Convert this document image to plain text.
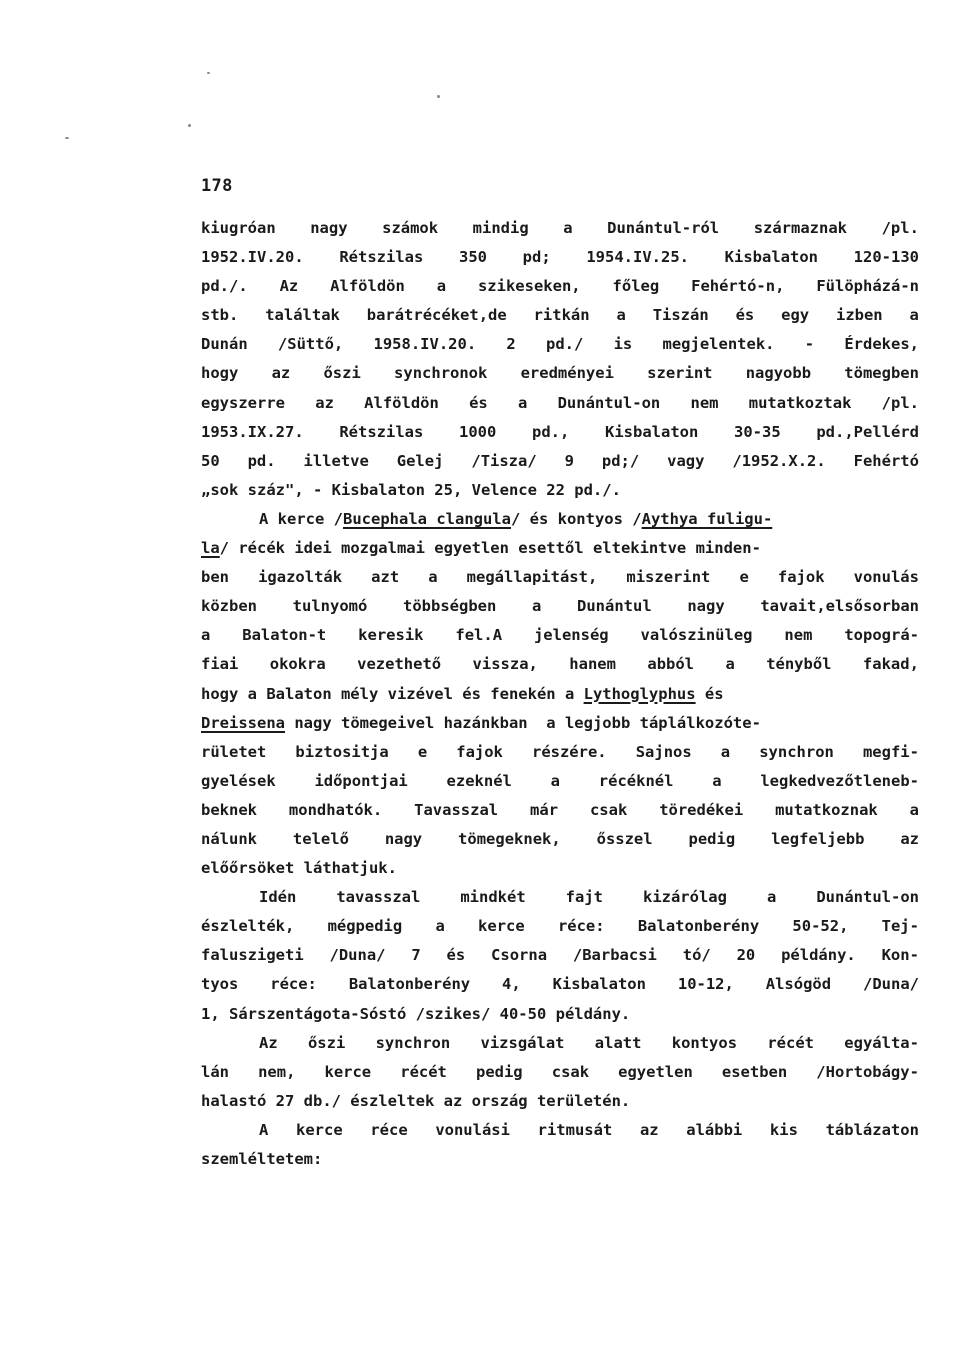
178
kiugróan nagy számok mindig a Dunántul-ról származnak /pl.
1952.IV.20. Rétszilas 350 pd; 1954.IV.25. Kisbalaton 120-130
pd./. Az Alföldön a szikeseken, főleg Fehértó-n, Fülöpházá-n
stb. találtak barátrécéket,de ritkán a Tiszán és egy izben a
Dunán /Süttő, 1958.IV.20. 2 pd./ is megjelentek. - Érdekes,
hogy az őszi synchronok eredményei szerint nagyobb tömegben
egyszerre az Alföldön és a Dunántul-on nem mutatkoztak /pl.
1953.IX.27. Rétszilas 1000 pd., Kisbalaton 30-35 pd.,Pellérd
50 pd. illetve Gelej /Tisza/ 9 pd;/ vagy /1952.X.2. Fehértó
„sok száz", - Kisbalaton 25, Velence 22 pd./.
A kerce /Bucephala clangula/ és kontyos /Aythya fuligu-
la/ récék idei mozgalmai egyetlen esettől eltekintve minden-
ben igazolták azt a megállapitást, miszerint e fajok vonulás
közben tulnyomó többségben a Dunántul nagy tavait,elsősorban
a Balaton-t keresik fel.A jelenség valószinüleg nem topográ-
fiai okokra vezethető vissza, hanem abból a tényből fakad,
hogy a Balaton mély vizével és fenekén a Lythoglyphus és
Dreissena nagy tömegeivel hazánkban  a legjobb táplálkozóte-
rületet biztositja e fajok részére. Sajnos a synchron megfi-
gyelések	időpontjai	ezeknél	a	récéknél	a	legkedvezőtleneb-
beknek mondhatók. Tavasszal már csak töredékei mutatkoznak a
nálunk telelő nagy tömegeknek, ősszel pedig legfeljebb az
előőrsöket láthatjuk.
Idén	tavasszal	mindkét	fajt	kizárólag	a	Dunántul-on
észlelték, mégpedig a kerce réce: Balatonberény 50-52, Tej-
faluszigeti /Duna/ 7 és Csorna /Barbacsi tó/ 20 példány. Kon-
tyos réce: Balatonberény 4, Kisbalaton 10-12, Alsógöd /Duna/
1, Sárszentágota-Sóstó /szikes/ 40-50 példány.
Az őszi synchron vizsgálat alatt kontyos récét egyálta-
lán nem, kerce récét pedig csak egyetlen esetben /Hortobágy-
halastó 27 db./ észleltek az ország területén.
A kerce réce vonulási ritmusát az alábbi kis táblázaton
szemléltetem:
